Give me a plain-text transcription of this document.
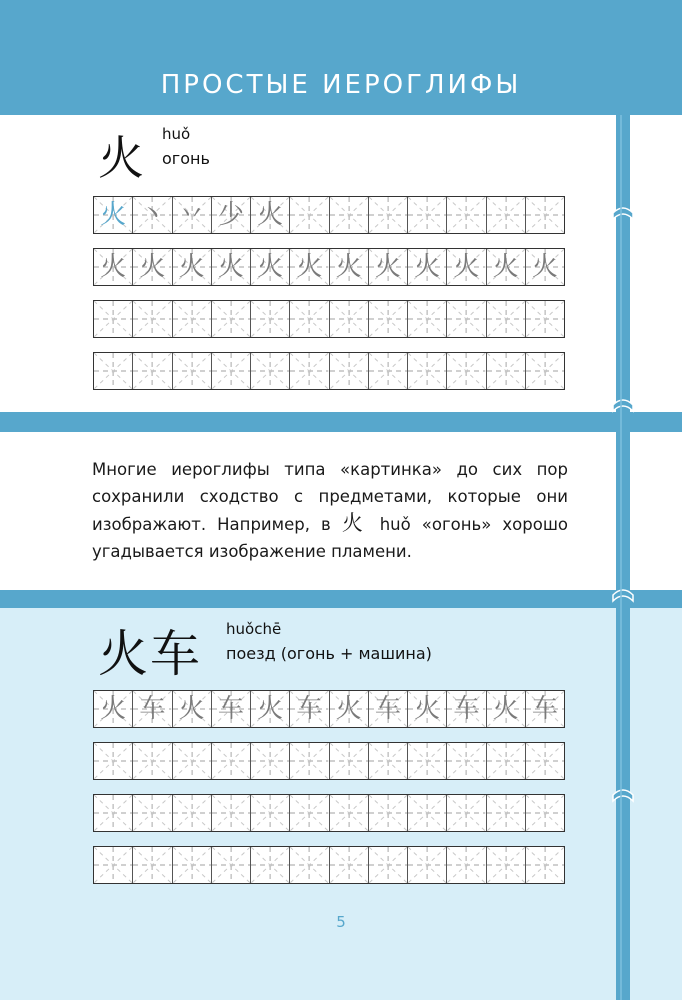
ПРОСТЫЕ ИЕРОГЛИФЫ
火 huǒ
огонь
火 丶 丷 少 火
火 火 火 火 火 火 火 火 火 火 火 火
Многие иероглифы типа «картинка» до сих пор сохранили сходство с предметами, которые они изображают. Например, в 火 huǒ «огонь» хорошо угадывается изображение пламени.
火车 huǒchē
поезд (огонь + машина)
火 车 火 车 火 车 火 车 火 车 火 车
5
